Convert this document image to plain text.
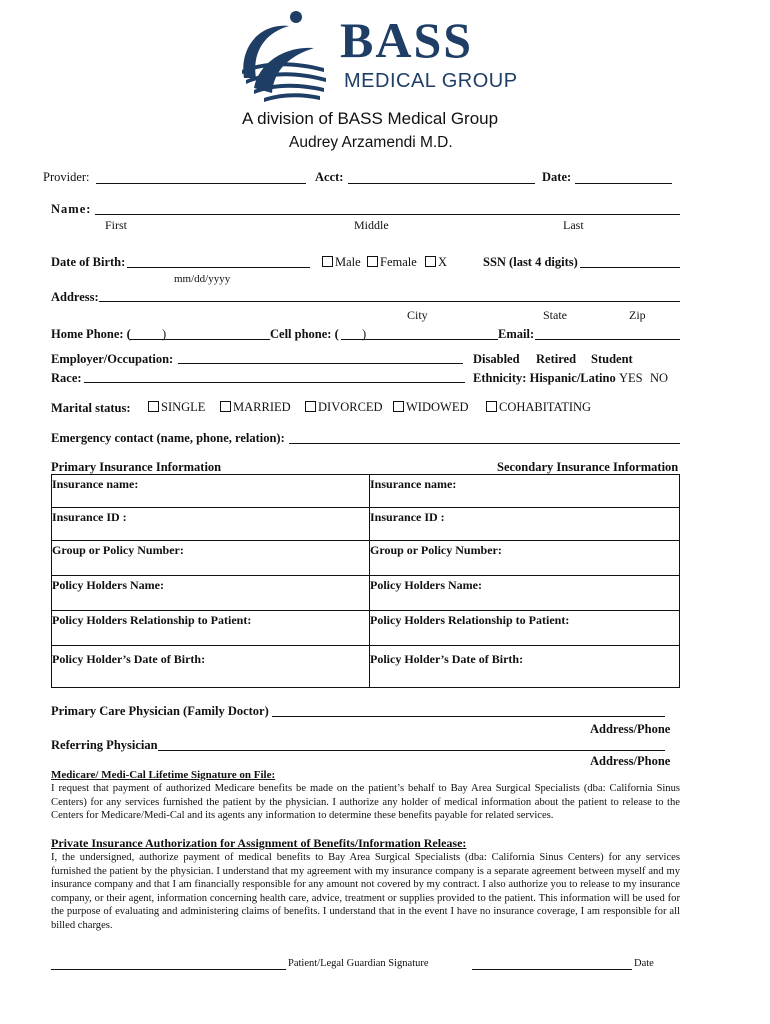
BASS
MEDICAL GROUP
A division of BASS Medical Group
Audrey Arzamendi M.D.
Provider:	Acct:	Date:
Name:
First	Middle	Last
Date of Birth:
mm/dd/yyyy
Male	Female	X	SSN (last 4 digits)
Address:
City	State	Zip
Home Phone: ( )	Cell phone: ( )	Email:
Employer/Occupation:	Disabled Retired Student
Race:	Ethnicity: Hispanic/Latino YES NO
Marital status:	SINGLE	MARRIED	DIVORCED	WIDOWED	COHABITATING
Emergency contact (name, phone, relation):
Primary Insurance Information	Secondary Insurance Information
Insurance name:	Insurance name:
Insurance ID :	Insurance ID :
Group or Policy Number:	Group or Policy Number:
Policy Holders Name:	Policy Holders Name:
Policy Holders Relationship to Patient:	Policy Holders Relationship to Patient:
Policy Holder’s Date of Birth:	Policy Holder’s Date of Birth:
Primary Care Physician (Family Doctor)
Address/Phone
Referring Physician
Address/Phone
Medicare/ Medi-Cal Lifetime Signature on File:
I request that payment of authorized Medicare benefits be made on the patient’s behalf to Bay Area Surgical Specialists (dba: California Sinus Centers) for any services furnished the patient by the physician. I authorize any holder of medical information about the patient to release to the Centers for Medicare/Medi-Cal and its agents any information to determine these benefits payable for related services.
Private Insurance Authorization for Assignment of Benefits/Information Release:
I, the undersigned, authorize payment of medical benefits to Bay Area Surgical Specialists (dba: California Sinus Centers) for any services furnished the patient by the physician. I understand that my agreement with my insurance company is a separate agreement between myself and my insurance company and that I am financially responsible for any amount not covered by my contract. I also authorize you to release to my insurance company, or their agent, information concerning health care, advice, treatment or supplies provided to the patient. This information will be used for the purpose of evaluating and administering claims of benefits. I understand that in the event I have no insurance coverage, I am responsible for all billed charges.
Patient/Legal Guardian Signature	Date
